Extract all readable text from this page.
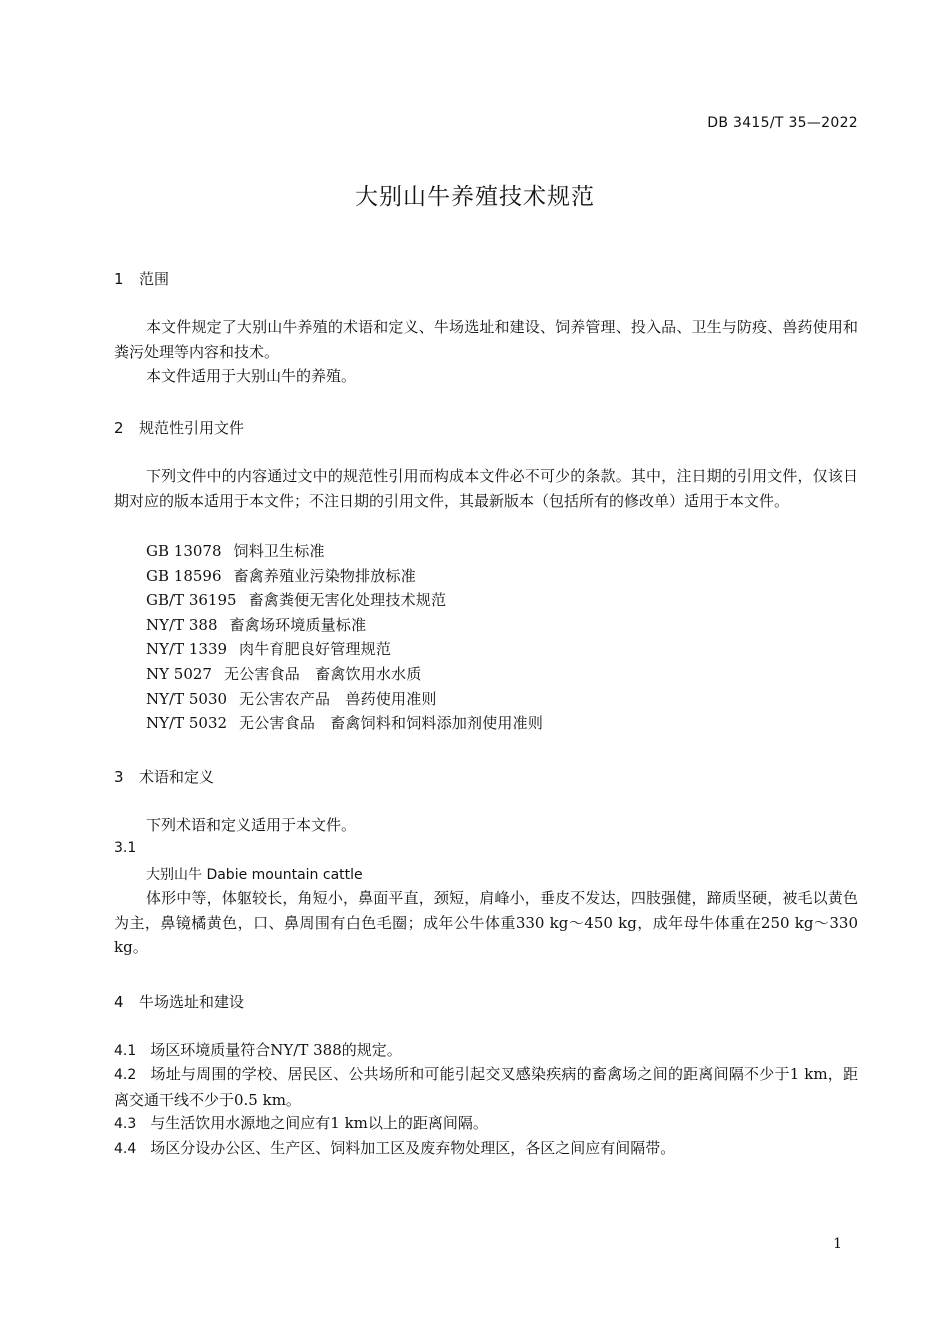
DB 3415/T 35—2022
大别山牛养殖技术规范
1 范围
本文件规定了大别山牛养殖的术语和定义、牛场选址和建设、饲养管理、投入品、卫生与防疫、兽药使用和粪污处理等内容和技术。
本文件适用于大别山牛的养殖。
2 规范性引用文件
下列文件中的内容通过文中的规范性引用而构成本文件必不可少的条款。其中，注日期的引用文件，仅该日期对应的版本适用于本文件；不注日期的引用文件，其最新版本（包括所有的修改单）适用于本文件。
GB 13078 饲料卫生标准
GB 18596 畜禽养殖业污染物排放标准
GB/T 36195 畜禽粪便无害化处理技术规范
NY/T 388 畜禽场环境质量标准
NY/T 1339 肉牛育肥良好管理规范
NY 5027 无公害食品　畜禽饮用水水质
NY/T 5030 无公害农产品　兽药使用准则
NY/T 5032 无公害食品　畜禽饲料和饲料添加剂使用准则
3 术语和定义
下列术语和定义适用于本文件。
3.1
大别山牛 Dabie mountain cattle
体形中等，体躯较长，角短小，鼻面平直，颈短，肩峰小，垂皮不发达，四肢强健，蹄质坚硬，被毛以黄色为主，鼻镜橘黄色，口、鼻周围有白色毛圈；成年公牛体重330 kg～450 kg，成年母牛体重在250 kg～330 kg。
4 牛场选址和建设
4.1 场区环境质量符合NY/T 388的规定。
4.2 场址与周围的学校、居民区、公共场所和可能引起交叉感染疾病的畜禽场之间的距离间隔不少于1 km，距离交通干线不少于0.5 km。
4.3 与生活饮用水源地之间应有1 km以上的距离间隔。
4.4 场区分设办公区、生产区、饲料加工区及废弃物处理区，各区之间应有间隔带。
1
